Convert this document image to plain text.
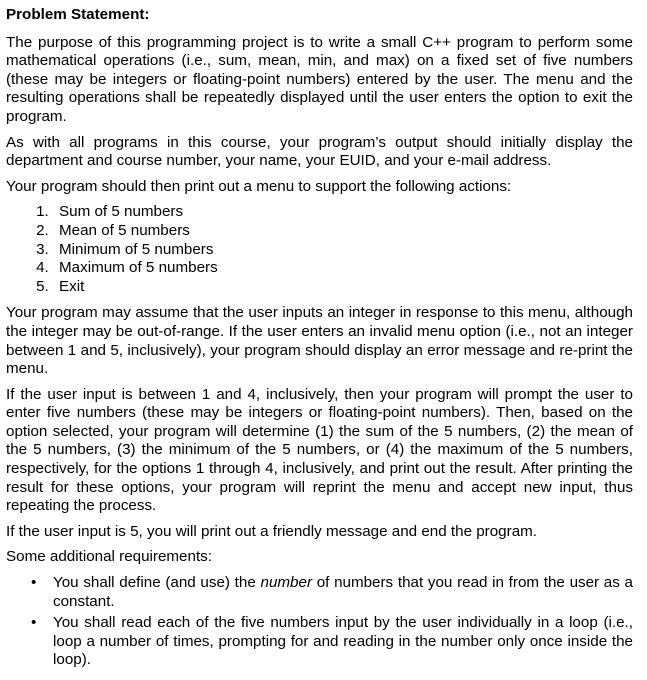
Problem Statement:

The purpose of this programming project is to write a small C++ program to perform some mathematical operations (i.e., sum, mean, min, and max) on a fixed set of five numbers (these may be integers or floating-point numbers) entered by the user. The menu and the resulting operations shall be repeatedly displayed until the user enters the option to exit the program.

As with all programs in this course, your program’s output should initially display the department and course number, your name, your EUID, and your e-mail address.

Your program should then print out a menu to support the following actions:

1. Sum of 5 numbers
2. Mean of 5 numbers
3. Minimum of 5 numbers
4. Maximum of 5 numbers
5. Exit

Your program may assume that the user inputs an integer in response to this menu, although the integer may be out-of-range. If the user enters an invalid menu option (i.e., not an integer between 1 and 5, inclusively), your program should display an error message and re-print the menu.

If the user input is between 1 and 4, inclusively, then your program will prompt the user to enter five numbers (these may be integers or floating-point numbers). Then, based on the option selected, your program will determine (1) the sum of the 5 numbers, (2) the mean of the 5 numbers, (3) the minimum of the 5 numbers, or (4) the maximum of the 5 numbers, respectively, for the options 1 through 4, inclusively, and print out the result. After printing the result for these options, your program will reprint the menu and accept new input, thus repeating the process.

If the user input is 5, you will print out a friendly message and end the program.

Some additional requirements:

• You shall define (and use) the number of numbers that you read in from the user as a constant.
• You shall read each of the five numbers input by the user individually in a loop (i.e., loop a number of times, prompting for and reading in the number only once inside the loop).
